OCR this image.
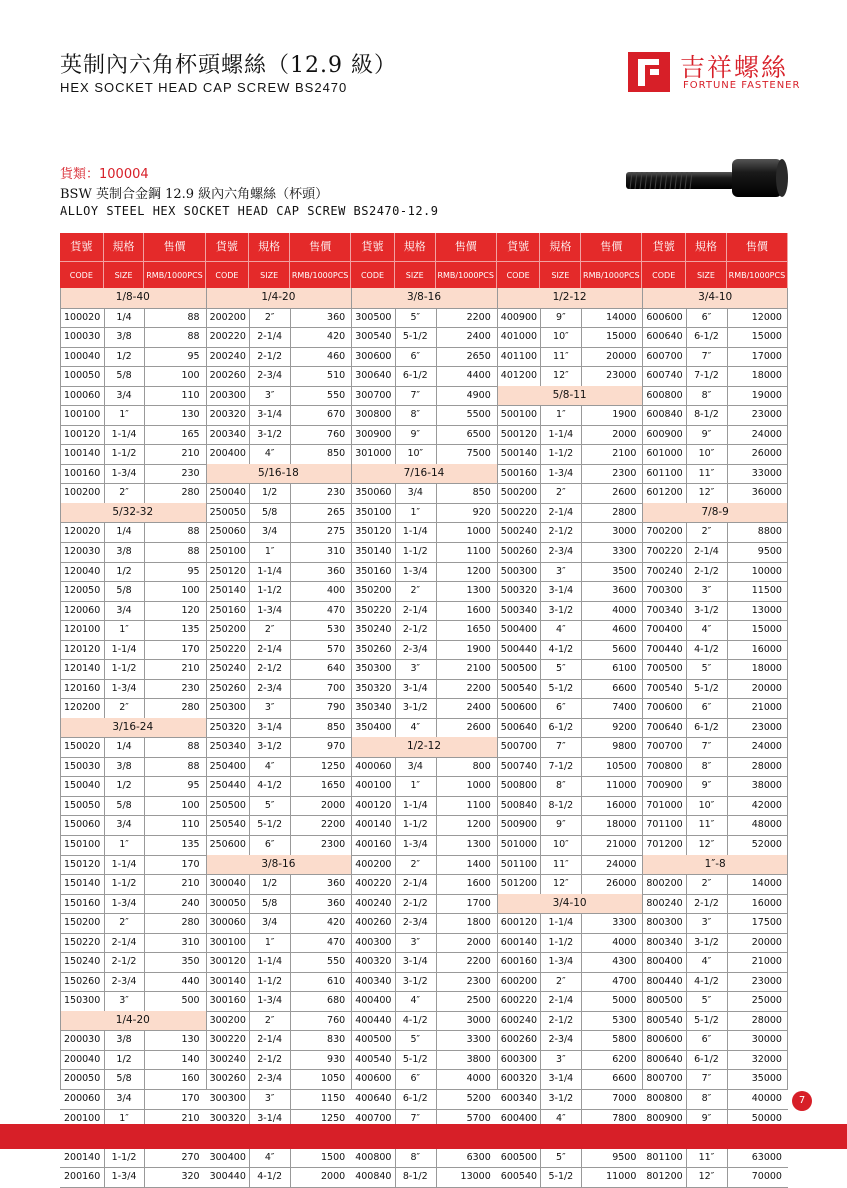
英制內六角杯頭螺絲（12.9 級）
HEX SOCKET HEAD CAP SCREW BS2470
吉祥螺絲
FORTUNE FASTENER
貨類：100004
BSW 英制合金鋼 12.9 級內六角螺絲（杯頭）
ALLOY STEEL HEX SOCKET HEAD CAP SCREW BS2470-12.9
貨號
CODE
規格
SIZE
售價
RMB/1000PCS
1/8-40
100020	1/4	88
100030	3/8	88
100040	1/2	95
100050	5/8	100
100060	3/4	110
100100	1″	130
100120	1-1/4	165
100140	1-1/2	210
100160	1-3/4	230
100200	2″	280
5/32-32
120020	1/4	88
120030	3/8	88
120040	1/2	95
120050	5/8	100
120060	3/4	120
120100	1″	135
120120	1-1/4	170
120140	1-1/2	210
120160	1-3/4	230
120200	2″	280
3/16-24
150020	1/4	88
150030	3/8	88
150040	1/2	95
150050	5/8	100
150060	3/4	110
150100	1″	135
150120	1-1/4	170
150140	1-1/2	210
150160	1-3/4	240
150200	2″	280
150220	2-1/4	310
150240	2-1/2	350
150260	2-3/4	440
150300	3″	500
1/4-20
200030	3/8	130
200040	1/2	140
200050	5/8	160
200060	3/4	170
200100	1″	210
200140	1-1/2	270
200160	1-3/4	320
貨號
CODE
規格
SIZE
售價
RMB/1000PCS
1/4-20
200200	2″	360
200220	2-1/4	420
200240	2-1/2	460
200260	2-3/4	510
200300	3″	550
200320	3-1/4	670
200340	3-1/2	760
200400	4″	850
5/16-18
250040	1/2	230
250050	5/8	265
250060	3/4	275
250100	1″	310
250120	1-1/4	360
250140	1-1/2	400
250160	1-3/4	470
250200	2″	530
250220	2-1/4	570
250240	2-1/2	640
250260	2-3/4	700
250300	3″	790
250320	3-1/4	850
250340	3-1/2	970
250400	4″	1250
250440	4-1/2	1650
250500	5″	2000
250540	5-1/2	2200
250600	6″	2300
3/8-16
300040	1/2	360
300050	5/8	360
300060	3/4	420
300100	1″	470
300120	1-1/4	550
300140	1-1/2	610
300160	1-3/4	680
300200	2″	760
300220	2-1/4	830
300240	2-1/2	930
300260	2-3/4	1050
300300	3″	1150
300320	3-1/4	1250
300400	4″	1500
300440	4-1/2	2000
貨號
CODE
規格
SIZE
售價
RMB/1000PCS
3/8-16
300500	5″	2200
300540	5-1/2	2400
300600	6″	2650
300640	6-1/2	4400
300700	7″	4900
300800	8″	5500
300900	9″	6500
301000	10″	7500
7/16-14
350060	3/4	850
350100	1″	920
350120	1-1/4	1000
350140	1-1/2	1100
350160	1-3/4	1200
350200	2″	1300
350220	2-1/4	1600
350240	2-1/2	1650
350260	2-3/4	1900
350300	3″	2100
350320	3-1/4	2200
350340	3-1/2	2400
350400	4″	2600
1/2-12
400060	3/4	800
400100	1″	1000
400120	1-1/4	1100
400140	1-1/2	1200
400160	1-3/4	1300
400200	2″	1400
400220	2-1/4	1600
400240	2-1/2	1700
400260	2-3/4	1800
400300	3″	2000
400320	3-1/4	2200
400340	3-1/2	2300
400400	4″	2500
400440	4-1/2	3000
400500	5″	3300
400540	5-1/2	3800
400600	6″	4000
400640	6-1/2	5200
400700	7″	5700
400800	8″	6300
400840	8-1/2	13000
貨號
CODE
規格
SIZE
售價
RMB/1000PCS
1/2-12
400900	9″	14000
401000	10″	15000
401100	11″	20000
401200	12″	23000
5/8-11
500100	1″	1900
500120	1-1/4	2000
500140	1-1/2	2100
500160	1-3/4	2300
500200	2″	2600
500220	2-1/4	2800
500240	2-1/2	3000
500260	2-3/4	3300
500300	3″	3500
500320	3-1/4	3600
500340	3-1/2	4000
500400	4″	4600
500440	4-1/2	5600
500500	5″	6100
500540	5-1/2	6600
500600	6″	7400
500640	6-1/2	9200
500700	7″	9800
500740	7-1/2	10500
500800	8″	11000
500840	8-1/2	16000
500900	9″	18000
501000	10″	21000
501100	11″	24000
501200	12″	26000
3/4-10
600120	1-1/4	3300
600140	1-1/2	4000
600160	1-3/4	4300
600200	2″	4700
600220	2-1/4	5000
600240	2-1/2	5300
600260	2-3/4	5800
600300	3″	6200
600320	3-1/4	6600
600340	3-1/2	7000
600400	4″	7800
600500	5″	9500
600540	5-1/2	11000
貨號
CODE
規格
SIZE
售價
RMB/1000PCS
3/4-10
600600	6″	12000
600640	6-1/2	15000
600700	7″	17000
600740	7-1/2	18000
600800	8″	19000
600840	8-1/2	23000
600900	9″	24000
601000	10″	26000
601100	11″	33000
601200	12″	36000
7/8-9
700200	2″	8800
700220	2-1/4	9500
700240	2-1/2	10000
700300	3″	11500
700340	3-1/2	13000
700400	4″	15000
700440	4-1/2	16000
700500	5″	18000
700540	5-1/2	20000
700600	6″	21000
700640	6-1/2	23000
700700	7″	24000
700800	8″	28000
700900	9″	38000
701000	10″	42000
701100	11″	48000
701200	12″	52000
1″-8
800200	2″	14000
800240	2-1/2	16000
800300	3″	17500
800340	3-1/2	20000
800400	4″	21000
800440	4-1/2	23000
800500	5″	25000
800540	5-1/2	28000
800600	6″	30000
800640	6-1/2	32000
800700	7″	35000
800800	8″	40000
800900	9″	50000
801100	11″	63000
801200	12″	70000
7
